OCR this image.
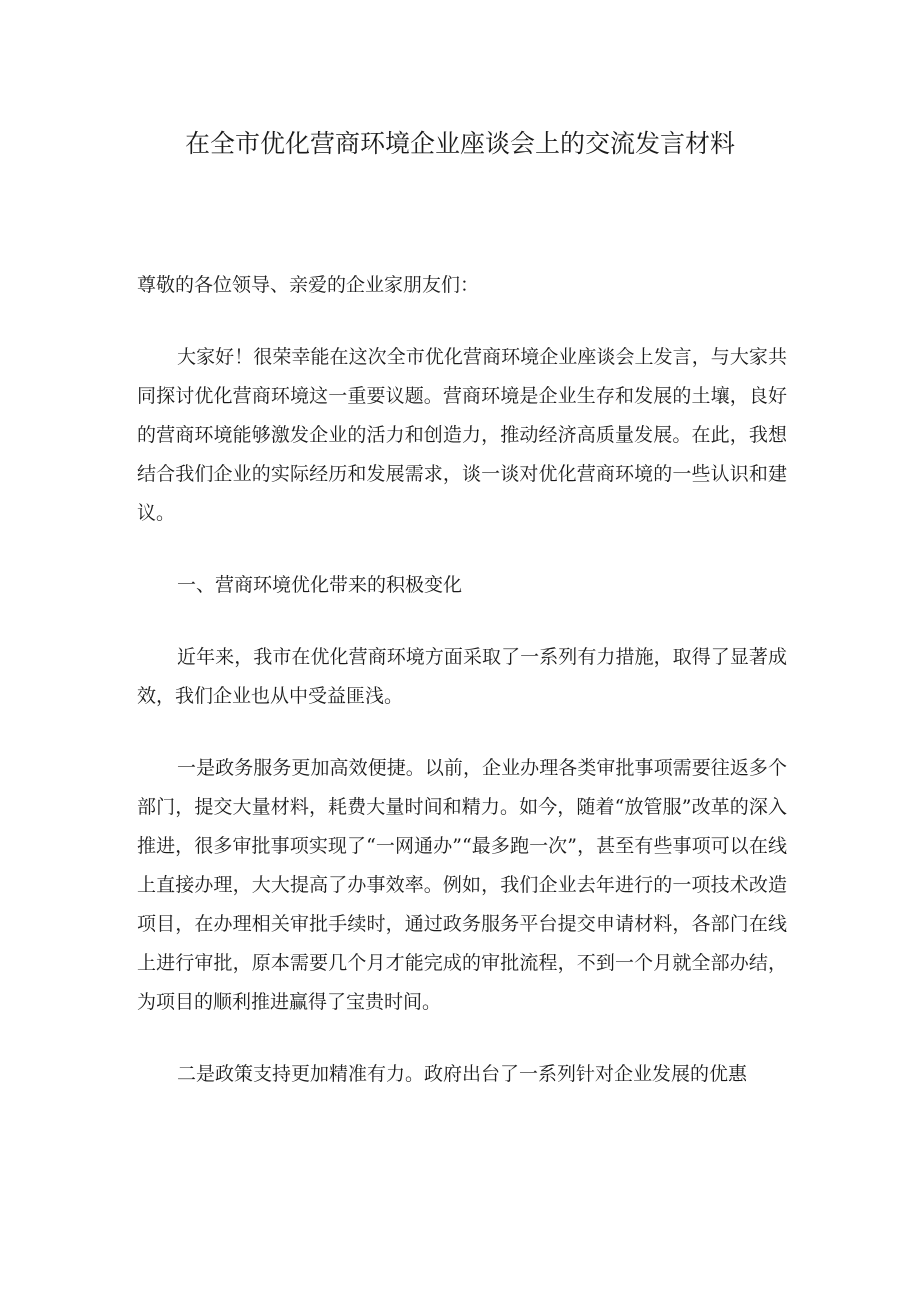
在全市优化营商环境企业座谈会上的交流发言材料

尊敬的各位领导、亲爱的企业家朋友们：

大家好！很荣幸能在这次全市优化营商环境企业座谈会上发言，与大家共同探讨优化营商环境这一重要议题。营商环境是企业生存和发展的土壤，良好的营商环境能够激发企业的活力和创造力，推动经济高质量发展。在此，我想结合我们企业的实际经历和发展需求，谈一谈对优化营商环境的一些认识和建议。

一、营商环境优化带来的积极变化

近年来，我市在优化营商环境方面采取了一系列有力措施，取得了显著成效，我们企业也从中受益匪浅。

一是政务服务更加高效便捷。以前，企业办理各类审批事项需要往返多个部门，提交大量材料，耗费大量时间和精力。如今，随着“放管服”改革的深入推进，很多审批事项实现了“一网通办”“最多跑一次”，甚至有些事项可以在线上直接办理，大大提高了办事效率。例如，我们企业去年进行的一项技术改造项目，在办理相关审批手续时，通过政务服务平台提交申请材料，各部门在线上进行审批，原本需要几个月才能完成的审批流程，不到一个月就全部办结，为项目的顺利推进赢得了宝贵时间。

二是政策支持更加精准有力。政府出台了一系列针对企业发展的优惠
